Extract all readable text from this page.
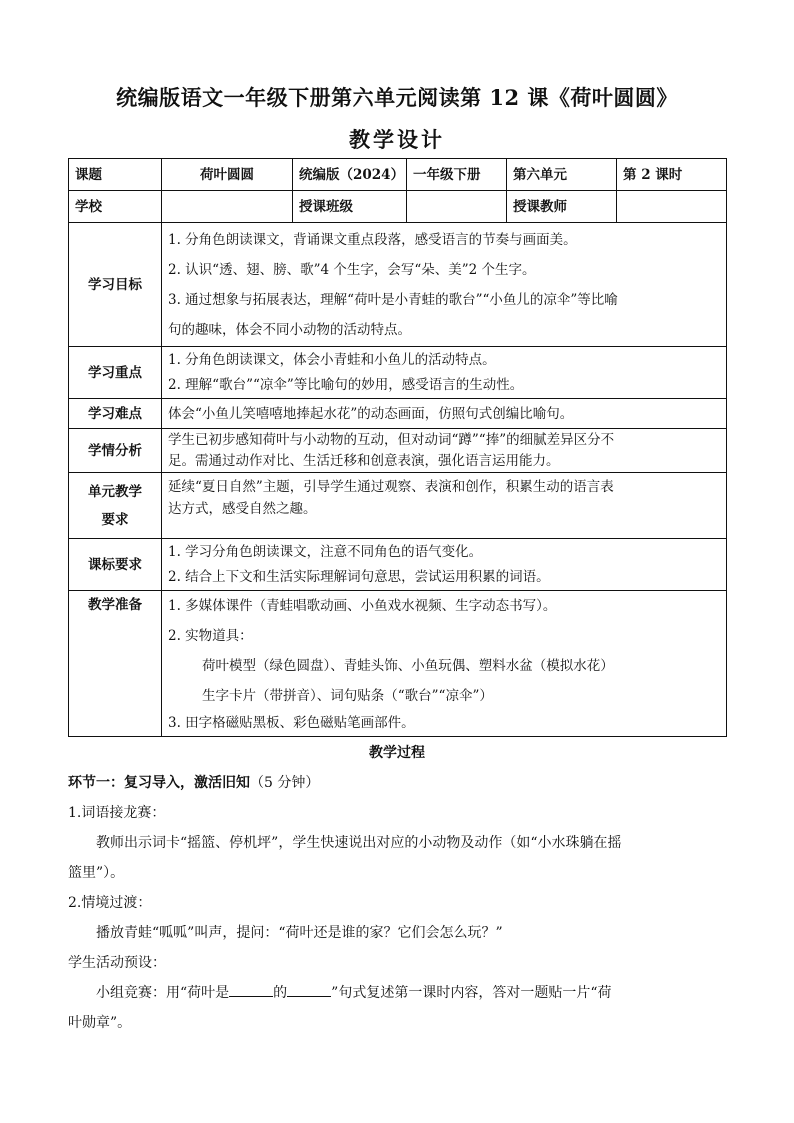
统编版语文一年级下册第六单元阅读第 12 课《荷叶圆圆》
教学设计
课题	荷叶圆圆	统编版（2024）	一年级下册	第六单元	第 2 课时
学校		授课班级		授课教师	
学习目标	1. 分角色朗读课文，背诵课文重点段落，感受语言的节奏与画面美。
2. 认识“透、翅、膀、歌”4 个生字，会写“朵、美”2 个生字。
3. 通过想象与拓展表达，理解“荷叶是小青蛙的歌台”“小鱼儿的凉伞”等比喻
句的趣味，体会不同小动物的活动特点。				

学习重点	1. 分角色朗读课文，体会小青蛙和小鱼儿的活动特点。
2. 理解“歌台”“凉伞”等比喻句的妙用，感受语言的生动性。				

学习难点	体会“小鱼儿笑嘻嘻地捧起水花”的动态画面，仿照句式创编比喻句。				
学情分析	学生已初步感知荷叶与小动物的互动，但对动词“蹲”“捧”的细腻差异区分不
足。需通过动作对比、生活迁移和创意表演，强化语言运用能力。				

单元教学
要求	延续“夏日自然”主题，引导学生通过观察、表演和创作，积累生动的语言表
达方式，感受自然之趣。				

课标要求	1. 学习分角色朗读课文，注意不同角色的语气变化。
2. 结合上下文和生活实际理解词句意思，尝试运用积累的词语。				

教学准备	1. 多媒体课件（青蛙唱歌动画、小鱼戏水视频、生字动态书写）。
2. 实物道具：
荷叶模型（绿色圆盘）、青蛙头饰、小鱼玩偶、塑料水盆（模拟水花）
生字卡片（带拼音）、词句贴条（“歌台”“凉伞”）
3. 田字格磁贴黑板、彩色磁贴笔画部件。				
教学过程

环节一：复习导入，激活旧知（5 分钟）

1.词语接龙赛：

教师出示词卡“摇篮、停机坪”，学生快速说出对应的小动物及动作（如“小水珠躺在摇

篮里”）。

2.情境过渡：

播放青蛙“呱呱”叫声，提问：“荷叶还是谁的家？它们会怎么玩？”

学生活动预设：

小组竞赛：用“荷叶是	的	”句式复述第一课时内容，答对一题贴一片“荷

叶勋章”。
